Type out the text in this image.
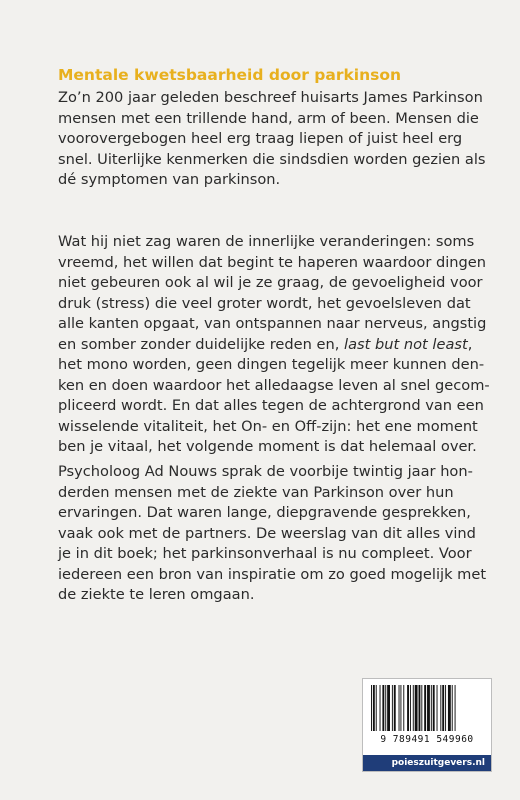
Mentale kwetsbaarheid door parkinson
Zo’n 200 jaar geleden beschreef huisarts James Parkinson
mensen met een trillende hand, arm of been. Mensen die
voorovergebogen heel erg traag liepen of juist heel erg
snel. Uiterlijke kenmerken die sindsdien worden gezien als
dé symptomen van parkinson.
Wat hij niet zag waren de innerlijke veranderingen: soms
vreemd, het willen dat begint te haperen waardoor dingen
niet gebeuren ook al wil je ze graag, de gevoeligheid voor
druk (stress) die veel groter wordt, het gevoelsleven dat
alle kanten opgaat, van ontspannen naar nerveus, angstig
en somber zonder duidelijke reden en, last but not least,
het mono worden, geen dingen tegelijk meer kunnen den-
ken en doen waardoor het alledaagse leven al snel gecom-
pliceerd wordt. En dat alles tegen de achtergrond van een
wisselende vitaliteit, het On- en Off-zijn: het ene moment
ben je vitaal, het volgende moment is dat helemaal over.
Psycholoog Ad Nouws sprak de voorbije twintig jaar hon-
derden mensen met de ziekte van Parkinson over hun
ervaringen. Dat waren lange, diepgravende gesprekken,
vaak ook met de partners. De weerslag van dit alles vind
je in dit boek; het parkinsonverhaal is nu compleet. Voor
iedereen een bron van inspiratie om zo goed mogelijk met
de ziekte te leren omgaan.
9 789491 549960
poieszuitgevers.nl
